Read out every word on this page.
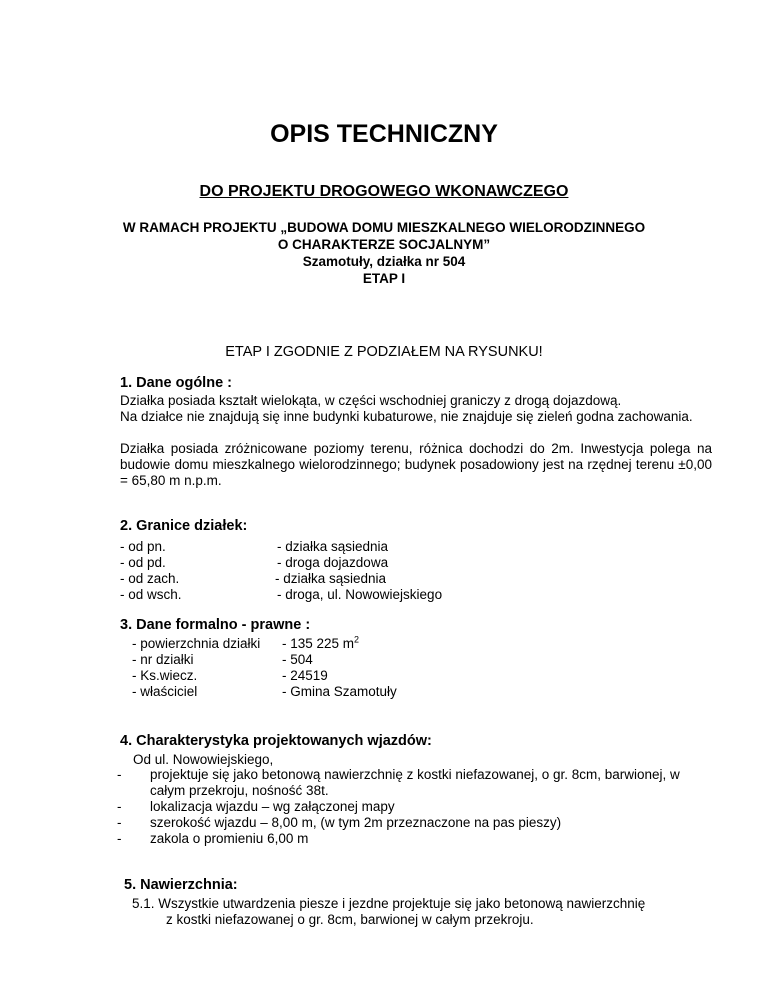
OPIS TECHNICZNY
DO PROJEKTU DROGOWEGO WKONAWCZEGO
W RAMACH PROJEKTU „BUDOWA DOMU MIESZKALNEGO WIELORODZINNEGO
O CHARAKTERZE SOCJALNYM”
Szamotuły, działka nr 504
ETAP I
ETAP I ZGODNIE Z PODZIAŁEM NA RYSUNKU!
1. Dane ogólne :
Działka posiada kształt wielokąta, w części wschodniej graniczy z drogą dojazdową.
Na działce nie znajdują się inne budynki kubaturowe, nie znajduje się zieleń godna zachowania.
Działka posiada zróżnicowane poziomy terenu, różnica dochodzi do 2m. Inwestycja polega na budowie domu mieszkalnego wielorodzinnego; budynek posadowiony jest na rzędnej terenu ±0,00 = 65,80 m n.p.m.
2. Granice działek:
- od pn.	- działka sąsiednia
- od pd.	- droga dojazdowa
- od zach.	- działka sąsiednia
- od wsch.	- droga, ul. Nowowiejskiego
3. Dane formalno - prawne :
- powierzchnia działki - 135 225 $m^2$
- nr działki	- 504
- Ks.wiecz.	- 24519
- właściciel	- Gmina Szamotuły
4. Charakterystyka projektowanych wjazdów:
Od ul. Nowowiejskiego,
- projektuje się jako betonową nawierzchnię z kostki niefazowanej, o gr. 8cm, barwionej, w
całym przekroju, nośność 38t.
- lokalizacja wjazdu – wg załączonej mapy
- szerokość wjazdu – 8,00 m, (w tym 2m przeznaczone na pas pieszy)
- zakola o promieniu 6,00 m
5. Nawierzchnia:
5.1. Wszystkie utwardzenia piesze i jezdne projektuje się jako betonową nawierzchnię
z kostki niefazowanej o gr. 8cm, barwionej w całym przekroju.
